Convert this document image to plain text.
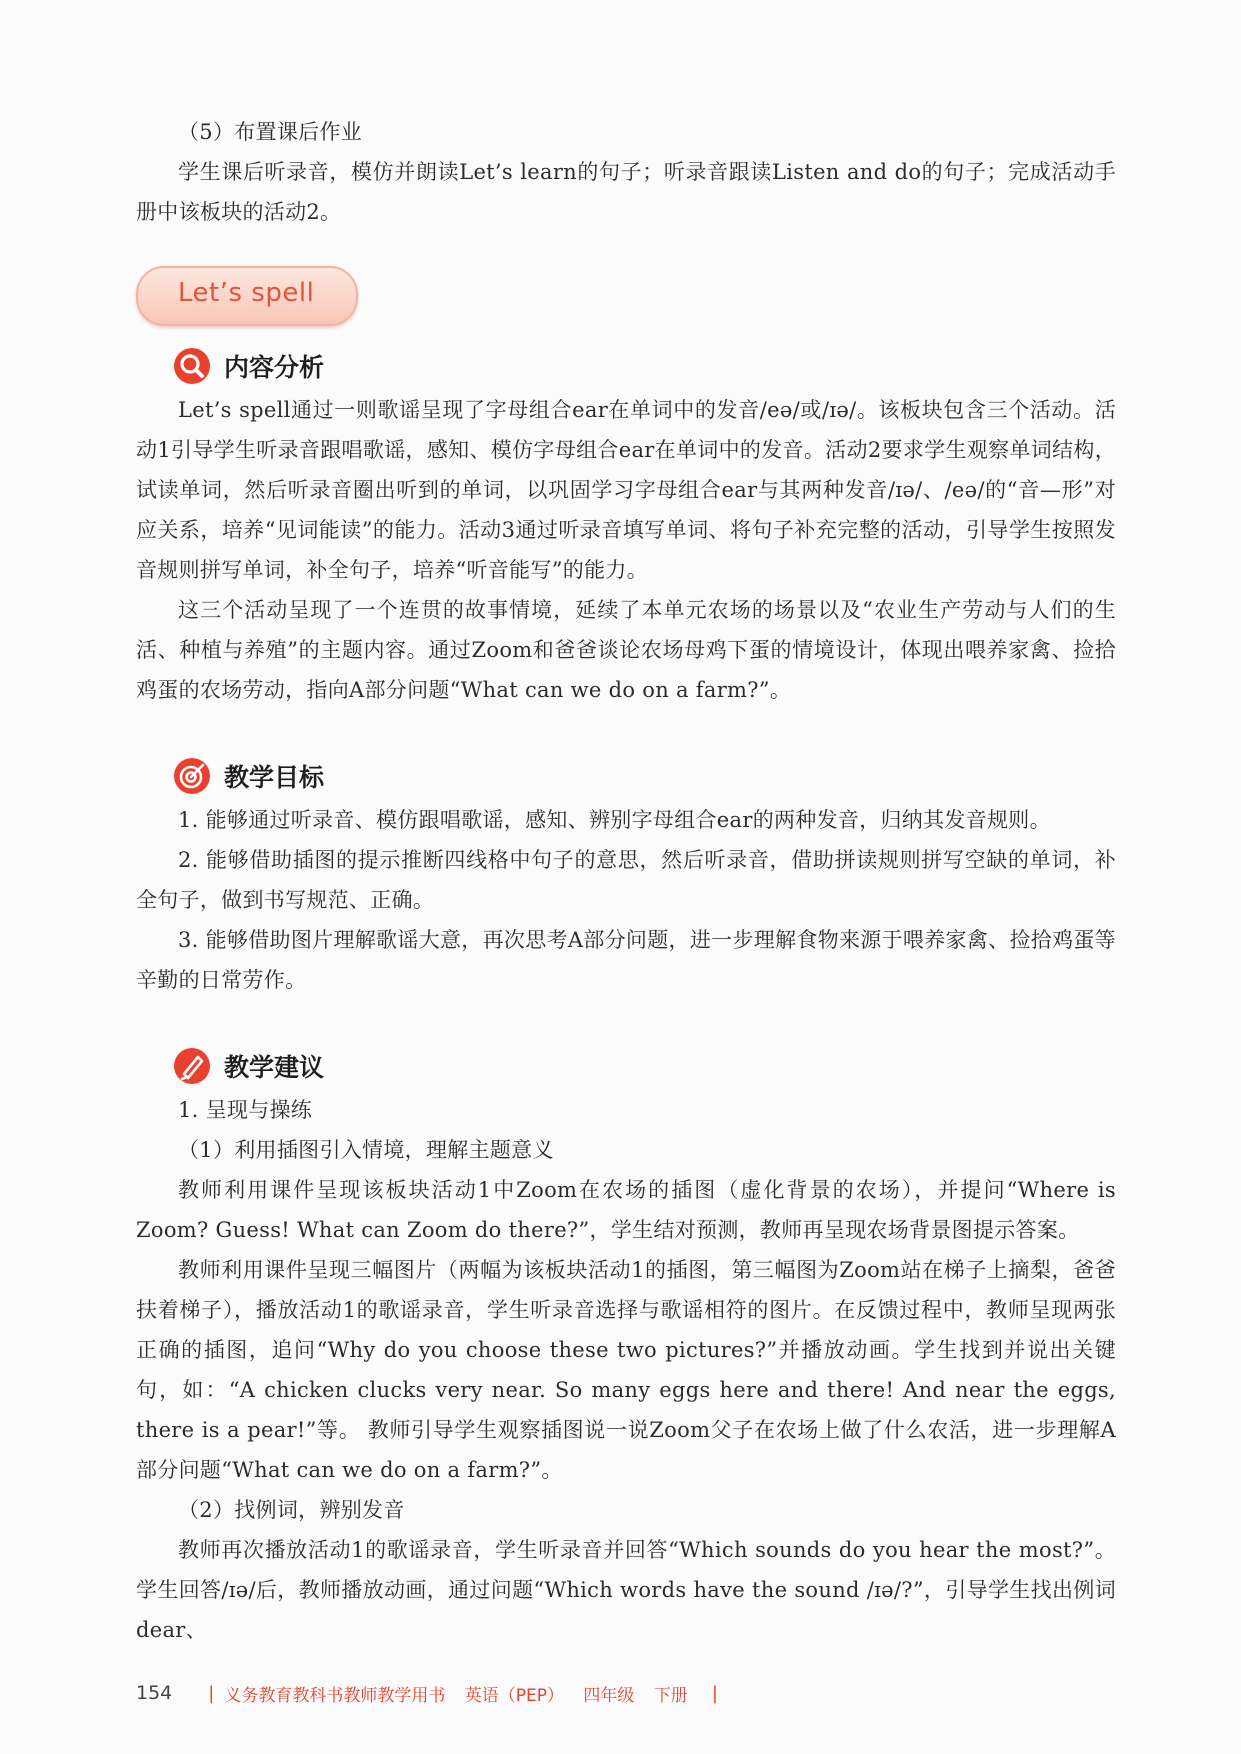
（5）布置课后作业

学生课后听录音，模仿并朗读Let’s learn的句子；听录音跟读Listen and do的句子；完成活动手册中该板块的活动2。

Let’s spell
内容分析

Let’s spell通过一则歌谣呈现了字母组合ear在单词中的发音/eə/或/ɪə/。该板块包含三个活动。活动1引导学生听录音跟唱歌谣，感知、模仿字母组合ear在单词中的发音。活动2要求学生观察单词结构，试读单词，然后听录音圈出听到的单词，以巩固学习字母组合ear与其两种发音/ɪə/、/eə/的“音—形”对应关系，培养“见词能读”的能力。活动3通过听录音填写单词、将句子补充完整的活动，引导学生按照发音规则拼写单词，补全句子，培养“听音能写”的能力。

这三个活动呈现了一个连贯的故事情境，延续了本单元农场的场景以及“农业生产劳动与人们的生活、种植与养殖”的主题内容。通过Zoom和爸爸谈论农场母鸡下蛋的情境设计，体现出喂养家禽、捡拾鸡蛋的农场劳动，指向A部分问题“What can we do on a farm?”。

教学目标

1. 能够通过听录音、模仿跟唱歌谣，感知、辨别字母组合ear的两种发音，归纳其发音规则。

2. 能够借助插图的提示推断四线格中句子的意思，然后听录音，借助拼读规则拼写空缺的单词，补全句子，做到书写规范、正确。

3. 能够借助图片理解歌谣大意，再次思考A部分问题，进一步理解食物来源于喂养家禽、捡拾鸡蛋等辛勤的日常劳作。

教学建议

1. 呈现与操练

（1）利用插图引入情境，理解主题意义

教师利用课件呈现该板块活动1中Zoom在农场的插图（虚化背景的农场），并提问“Where is Zoom? Guess! What can Zoom do there?”，学生结对预测，教师再呈现农场背景图提示答案。

教师利用课件呈现三幅图片（两幅为该板块活动1的插图，第三幅图为Zoom站在梯子上摘梨，爸爸扶着梯子），播放活动1的歌谣录音，学生听录音选择与歌谣相符的图片。在反馈过程中，教师呈现两张正确的插图，追问“Why do you choose these two pictures?”并播放动画。学生找到并说出关键句，如：“A chicken clucks very near. So many eggs here and there! And near the eggs, there is a pear!”等。 教师引导学生观察插图说一说Zoom父子在农场上做了什么农活，进一步理解A部分问题“What can we do on a farm?”。

（2）找例词，辨别发音

教师再次播放活动1的歌谣录音，学生听录音并回答“Which sounds do you hear the most?”。学生回答/ɪə/后，教师播放动画，通过问题“Which words have the sound /ɪə/?”，引导学生找出例词dear、

154 | 义务教育教科书教师教学用书 英语（PEP） 四年级 下册	|
